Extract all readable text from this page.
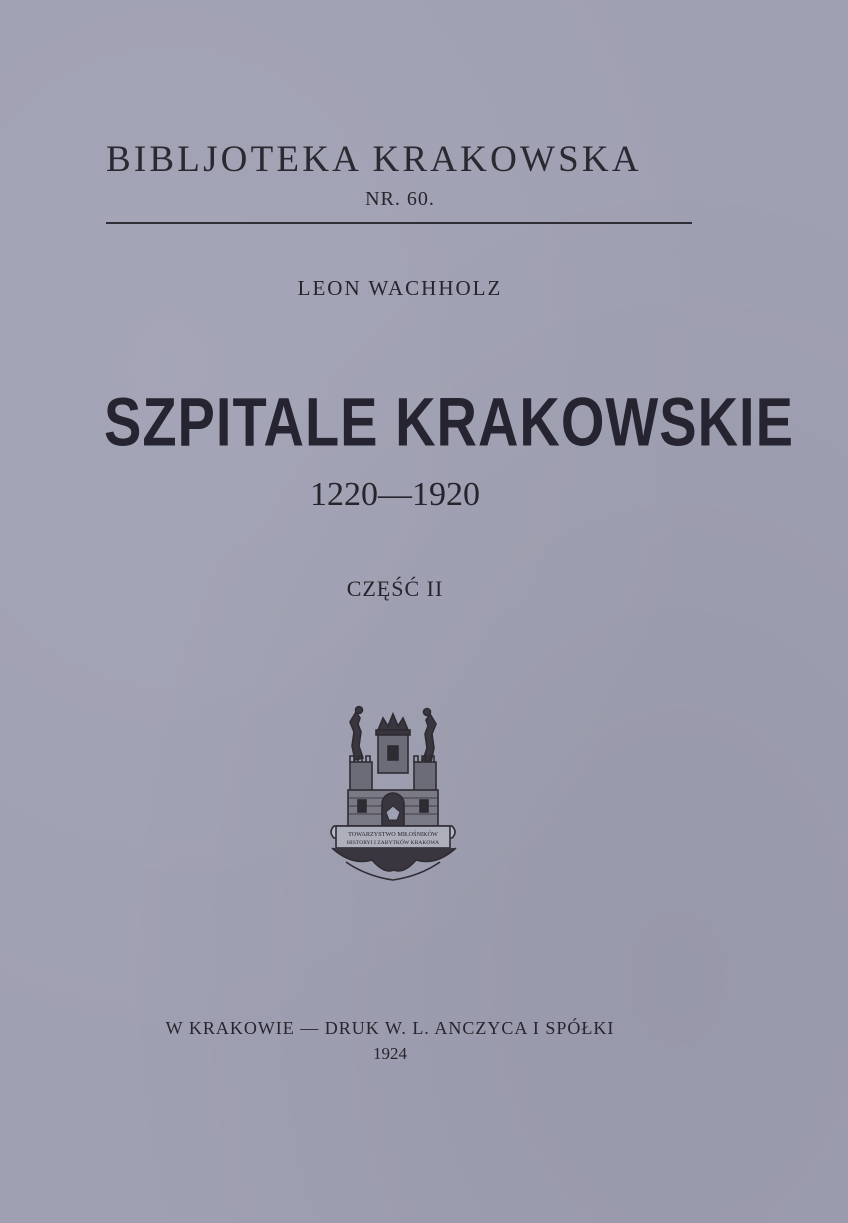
BIBLJOTEKA KRAKOWSKA
NR. 60.
LEON WACHHOLZ
SZPITALE KRAKOWSKIE
1220—1920
CZĘŚĆ II
TOWARZYSTWO MIŁOŚNIKÓW
HISTORYI I ZABYTKÓW KRAKOWA
W KRAKOWIE — DRUK W. L. ANCZYCA I SPÓŁKI
1924
